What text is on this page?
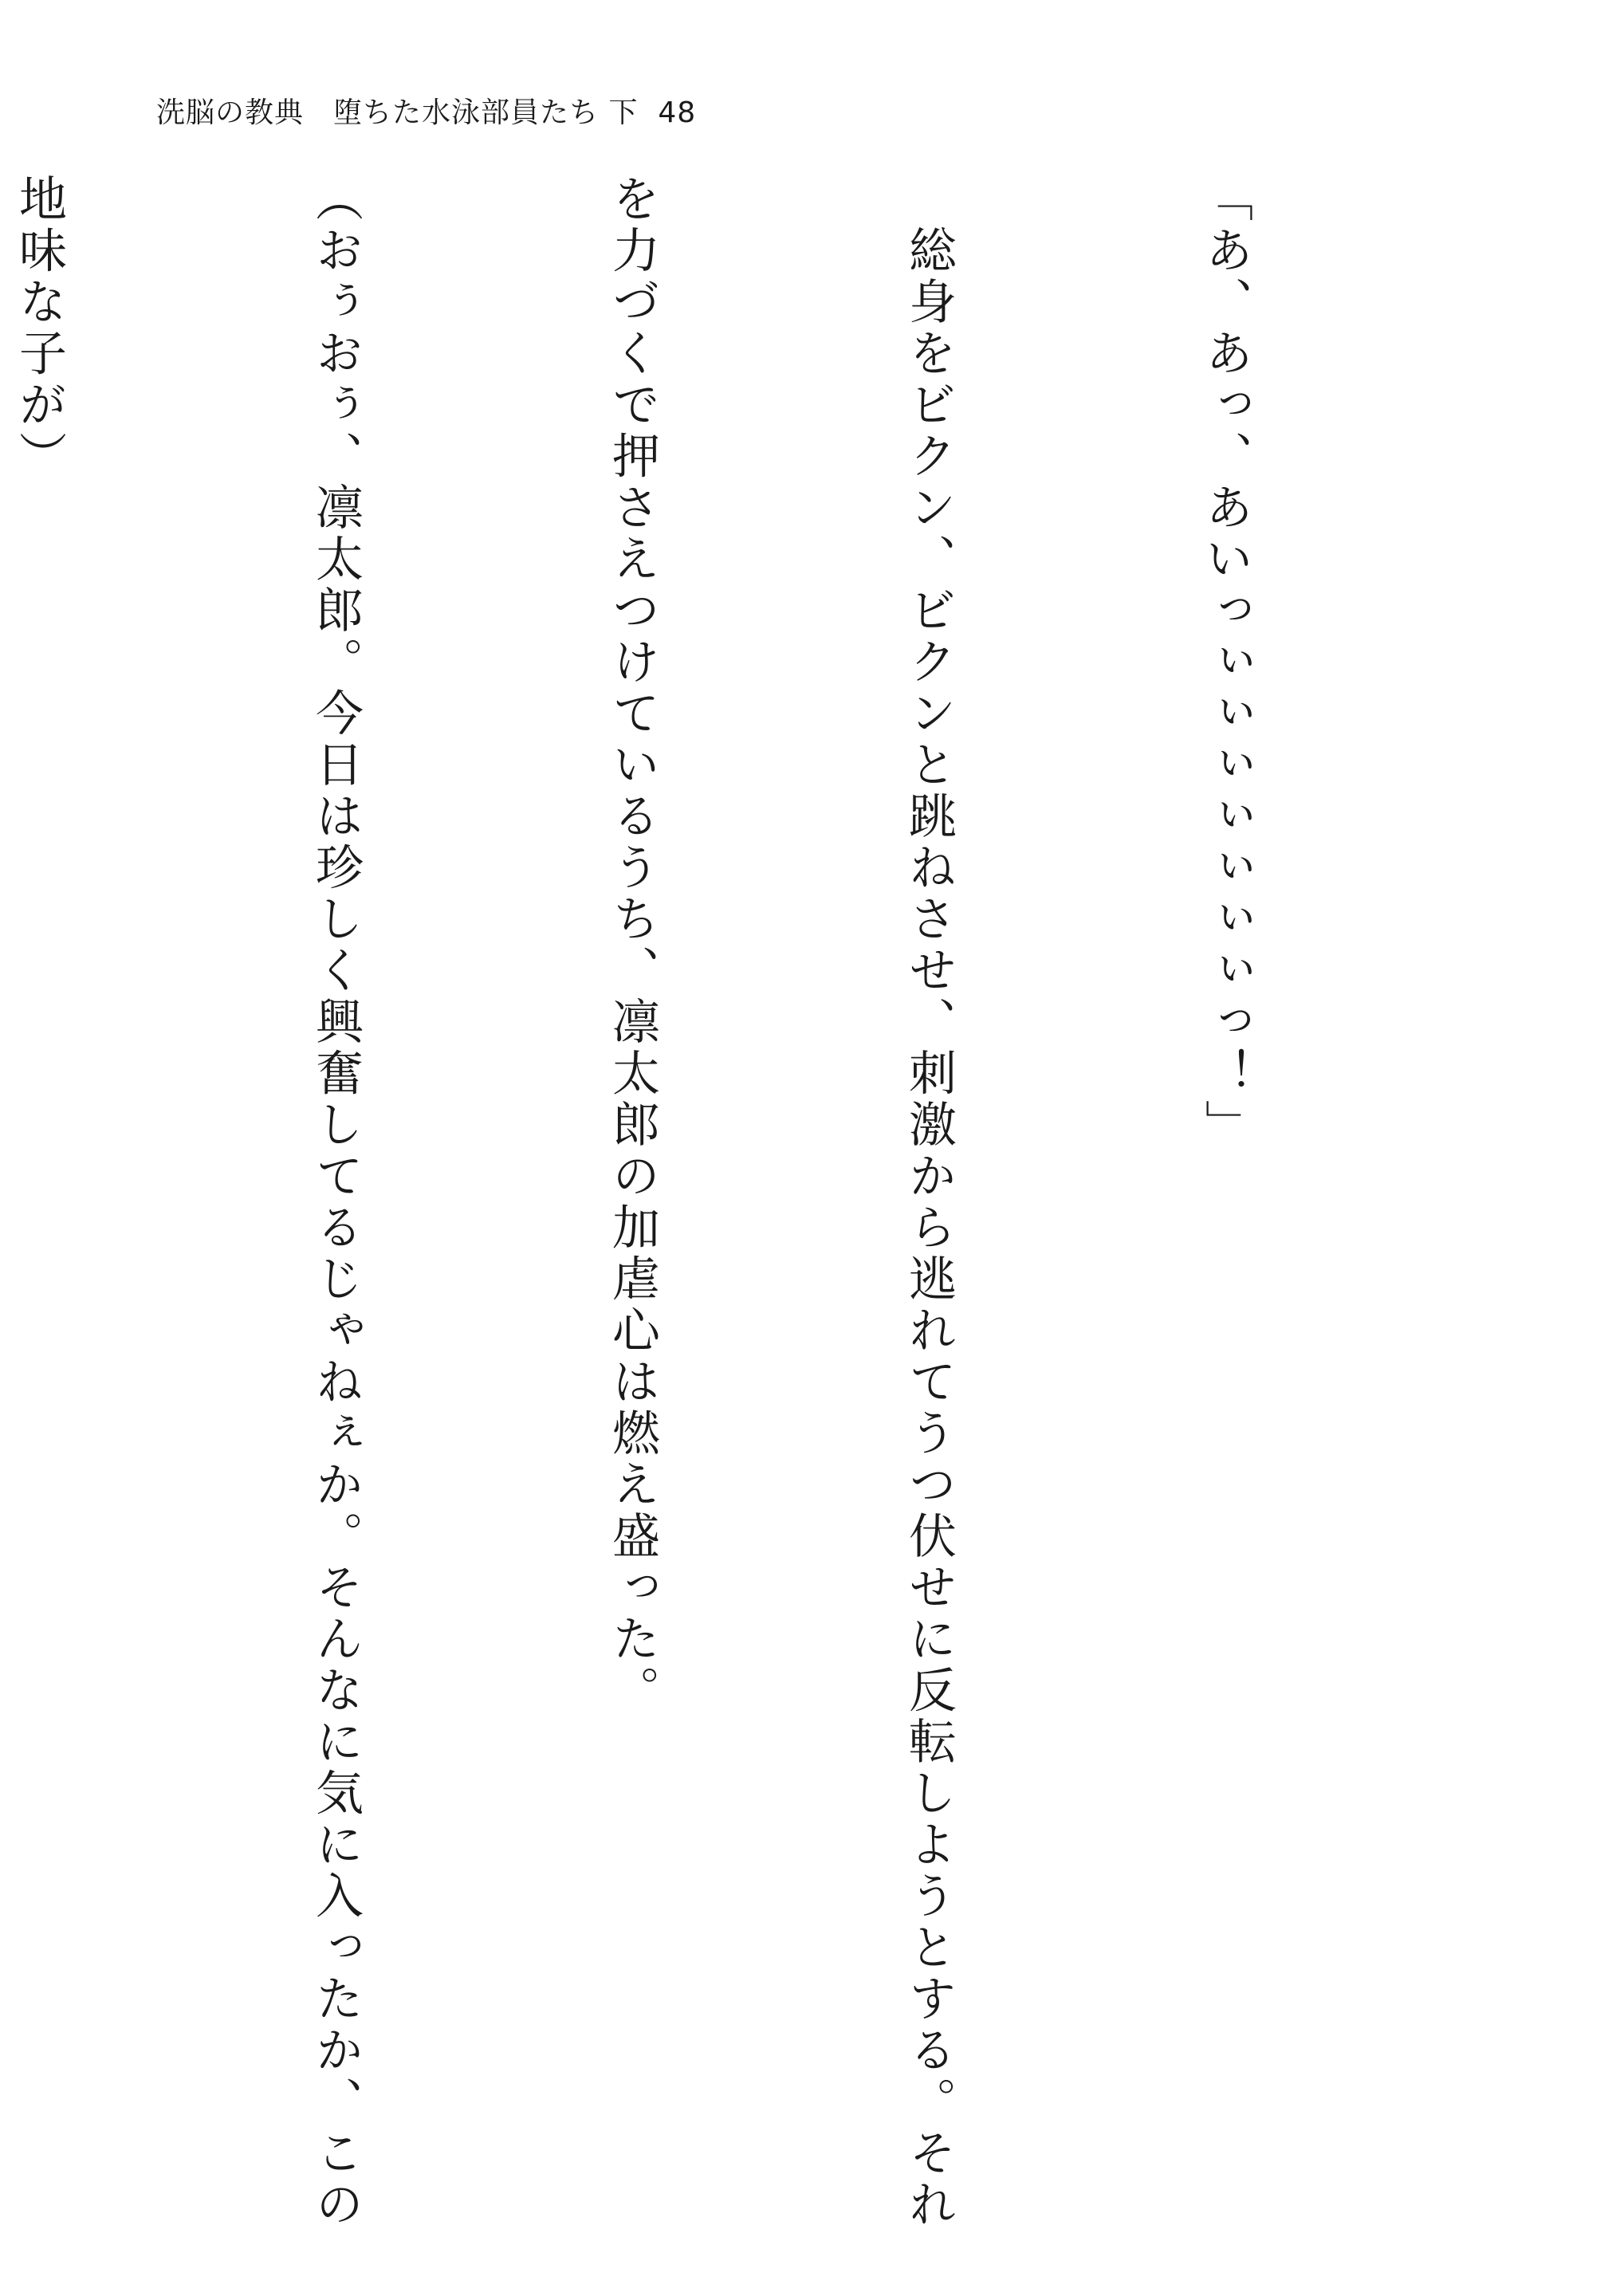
洗脳の教典　堕ちた水泳部員たち 下 48

「あ、あっ、あいっぃぃぃぃぃぃぃっ！」

　総身をビクン、ビクンと跳ねさせ、刺激から逃れてうつ伏せに反転しようとする。それ

を力づくで押さえつけているうち、凛太郎の加虐心は燃え盛った。

（おぅおぅ、凛太郎。今日は珍しく興奮してるじゃねぇか。そんなに気に入ったか、この

地味な子が）
